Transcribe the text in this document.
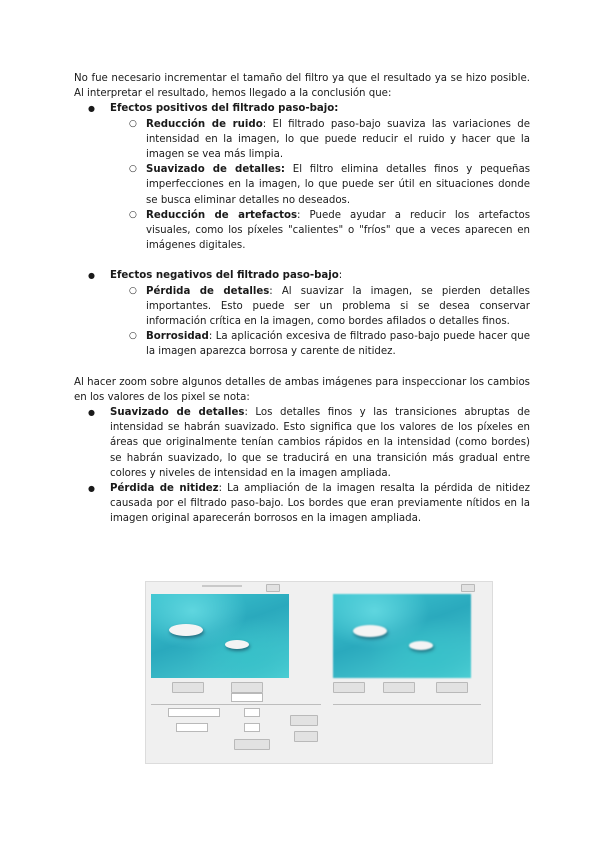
No fue necesario incrementar el tamaño del filtro ya que el resultado ya se hizo posible. Al interpretar el resultado, hemos llegado a la conclusión que:

● Efectos positivos del filtrado paso-bajo:
○ Reducción de ruido: El filtrado paso-bajo suaviza las variaciones de intensidad en la imagen, lo que puede reducir el ruido y hacer que la imagen se vea más limpia.
○ Suavizado de detalles: El filtro elimina detalles finos y pequeñas imperfecciones en la imagen, lo que puede ser útil en situaciones donde se busca eliminar detalles no deseados.
○ Reducción de artefactos: Puede ayudar a reducir los artefactos visuales, como los píxeles "calientes" o "fríos" que a veces aparecen en imágenes digitales.
● Efectos negativos del filtrado paso-bajo:
○ Pérdida de detalles: Al suavizar la imagen, se pierden detalles importantes. Esto puede ser un problema si se desea conservar información crítica en la imagen, como bordes afilados o detalles finos.
○ Borrosidad: La aplicación excesiva de filtrado paso-bajo puede hacer que la imagen aparezca borrosa y carente de nitidez.

Al hacer zoom sobre algunos detalles de ambas imágenes para inspeccionar los cambios en los valores de los pixel se nota:

● Suavizado de detalles: Los detalles finos y las transiciones abruptas de intensidad se habrán suavizado. Esto significa que los valores de los píxeles en áreas que originalmente tenían cambios rápidos en la intensidad (como bordes) se habrán suavizado, lo que se traducirá en una transición más gradual entre colores y niveles de intensidad en la imagen ampliada.
● Pérdida de nitidez: La ampliación de la imagen resalta la pérdida de nitidez causada por el filtrado paso-bajo. Los bordes que eran previamente nítidos en la imagen original aparecerán borrosos en la imagen ampliada.
